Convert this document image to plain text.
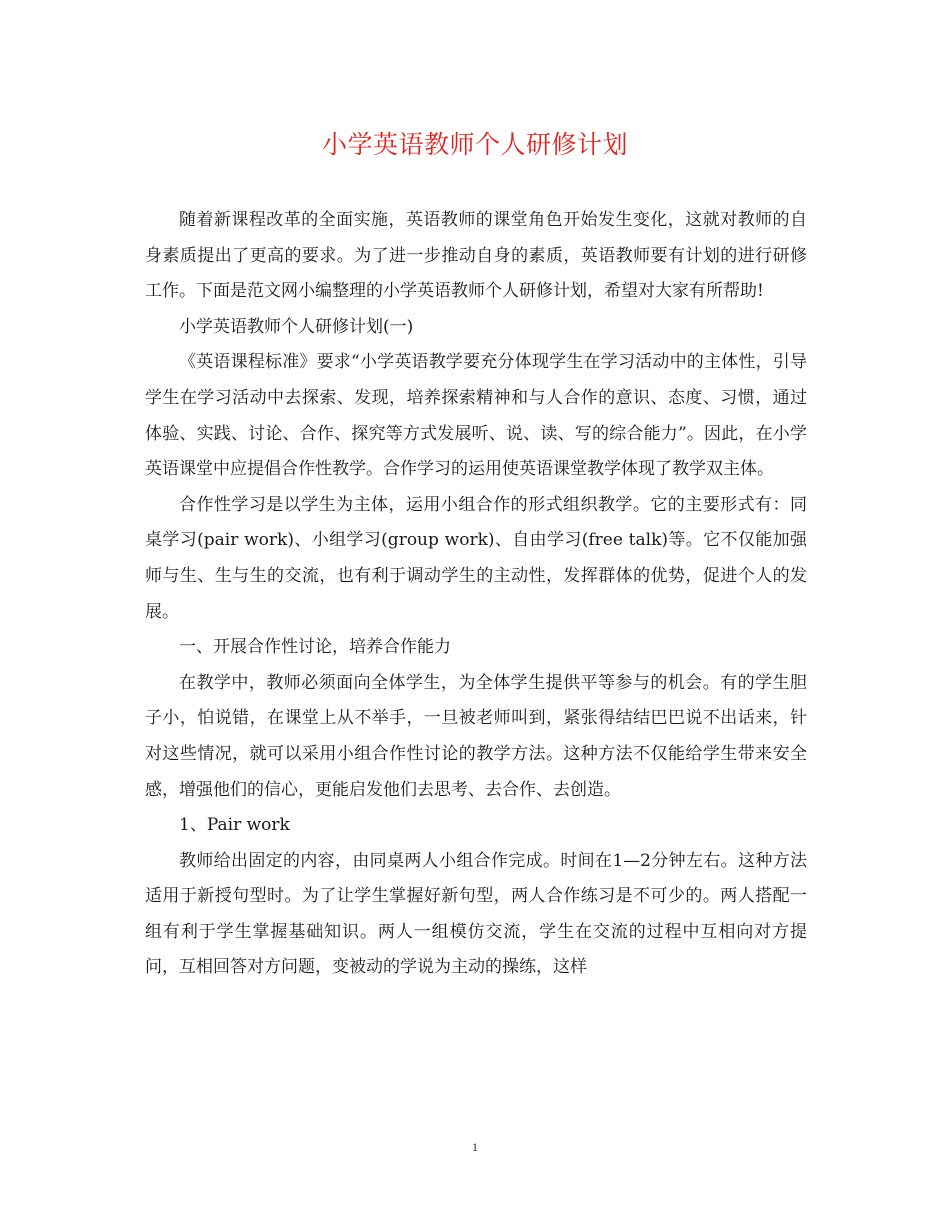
小学英语教师个人研修计划

随着新课程改革的全面实施，英语教师的课堂角色开始发生变化，这就对教师的自身素质提出了更高的要求。为了进一步推动自身的素质，英语教师要有计划的进行研修工作。下面是范文网小编整理的小学英语教师个人研修计划，希望对大家有所帮助!

小学英语教师个人研修计划(一)

《英语课程标准》要求“小学英语教学要充分体现学生在学习活动中的主体性，引导学生在学习活动中去探索、发现，培养探索精神和与人合作的意识、态度、习惯，通过体验、实践、讨论、合作、探究等方式发展听、说、读、写的综合能力”。因此，在小学英语课堂中应提倡合作性教学。合作学习的运用使英语课堂教学体现了教学双主体。

合作性学习是以学生为主体，运用小组合作的形式组织教学。它的主要形式有：同桌学习(pair work)、小组学习(group work)、自由学习(free talk)等。它不仅能加强师与生、生与生的交流，也有利于调动学生的主动性，发挥群体的优势，促进个人的发展。

一、开展合作性讨论，培养合作能力

在教学中，教师必须面向全体学生，为全体学生提供平等参与的机会。有的学生胆子小，怕说错，在课堂上从不举手，一旦被老师叫到，紧张得结结巴巴说不出话来，针对这些情况，就可以采用小组合作性讨论的教学方法。这种方法不仅能给学生带来安全感，增强他们的信心，更能启发他们去思考、去合作、去创造。

1、Pair work

教师给出固定的内容，由同桌两人小组合作完成。时间在1—2分钟左右。这种方法适用于新授句型时。为了让学生掌握好新句型，两人合作练习是不可少的。两人搭配一组有利于学生掌握基础知识。两人一组模仿交流，学生在交流的过程中互相向对方提问，互相回答对方问题，变被动的学说为主动的操练，这样

1
